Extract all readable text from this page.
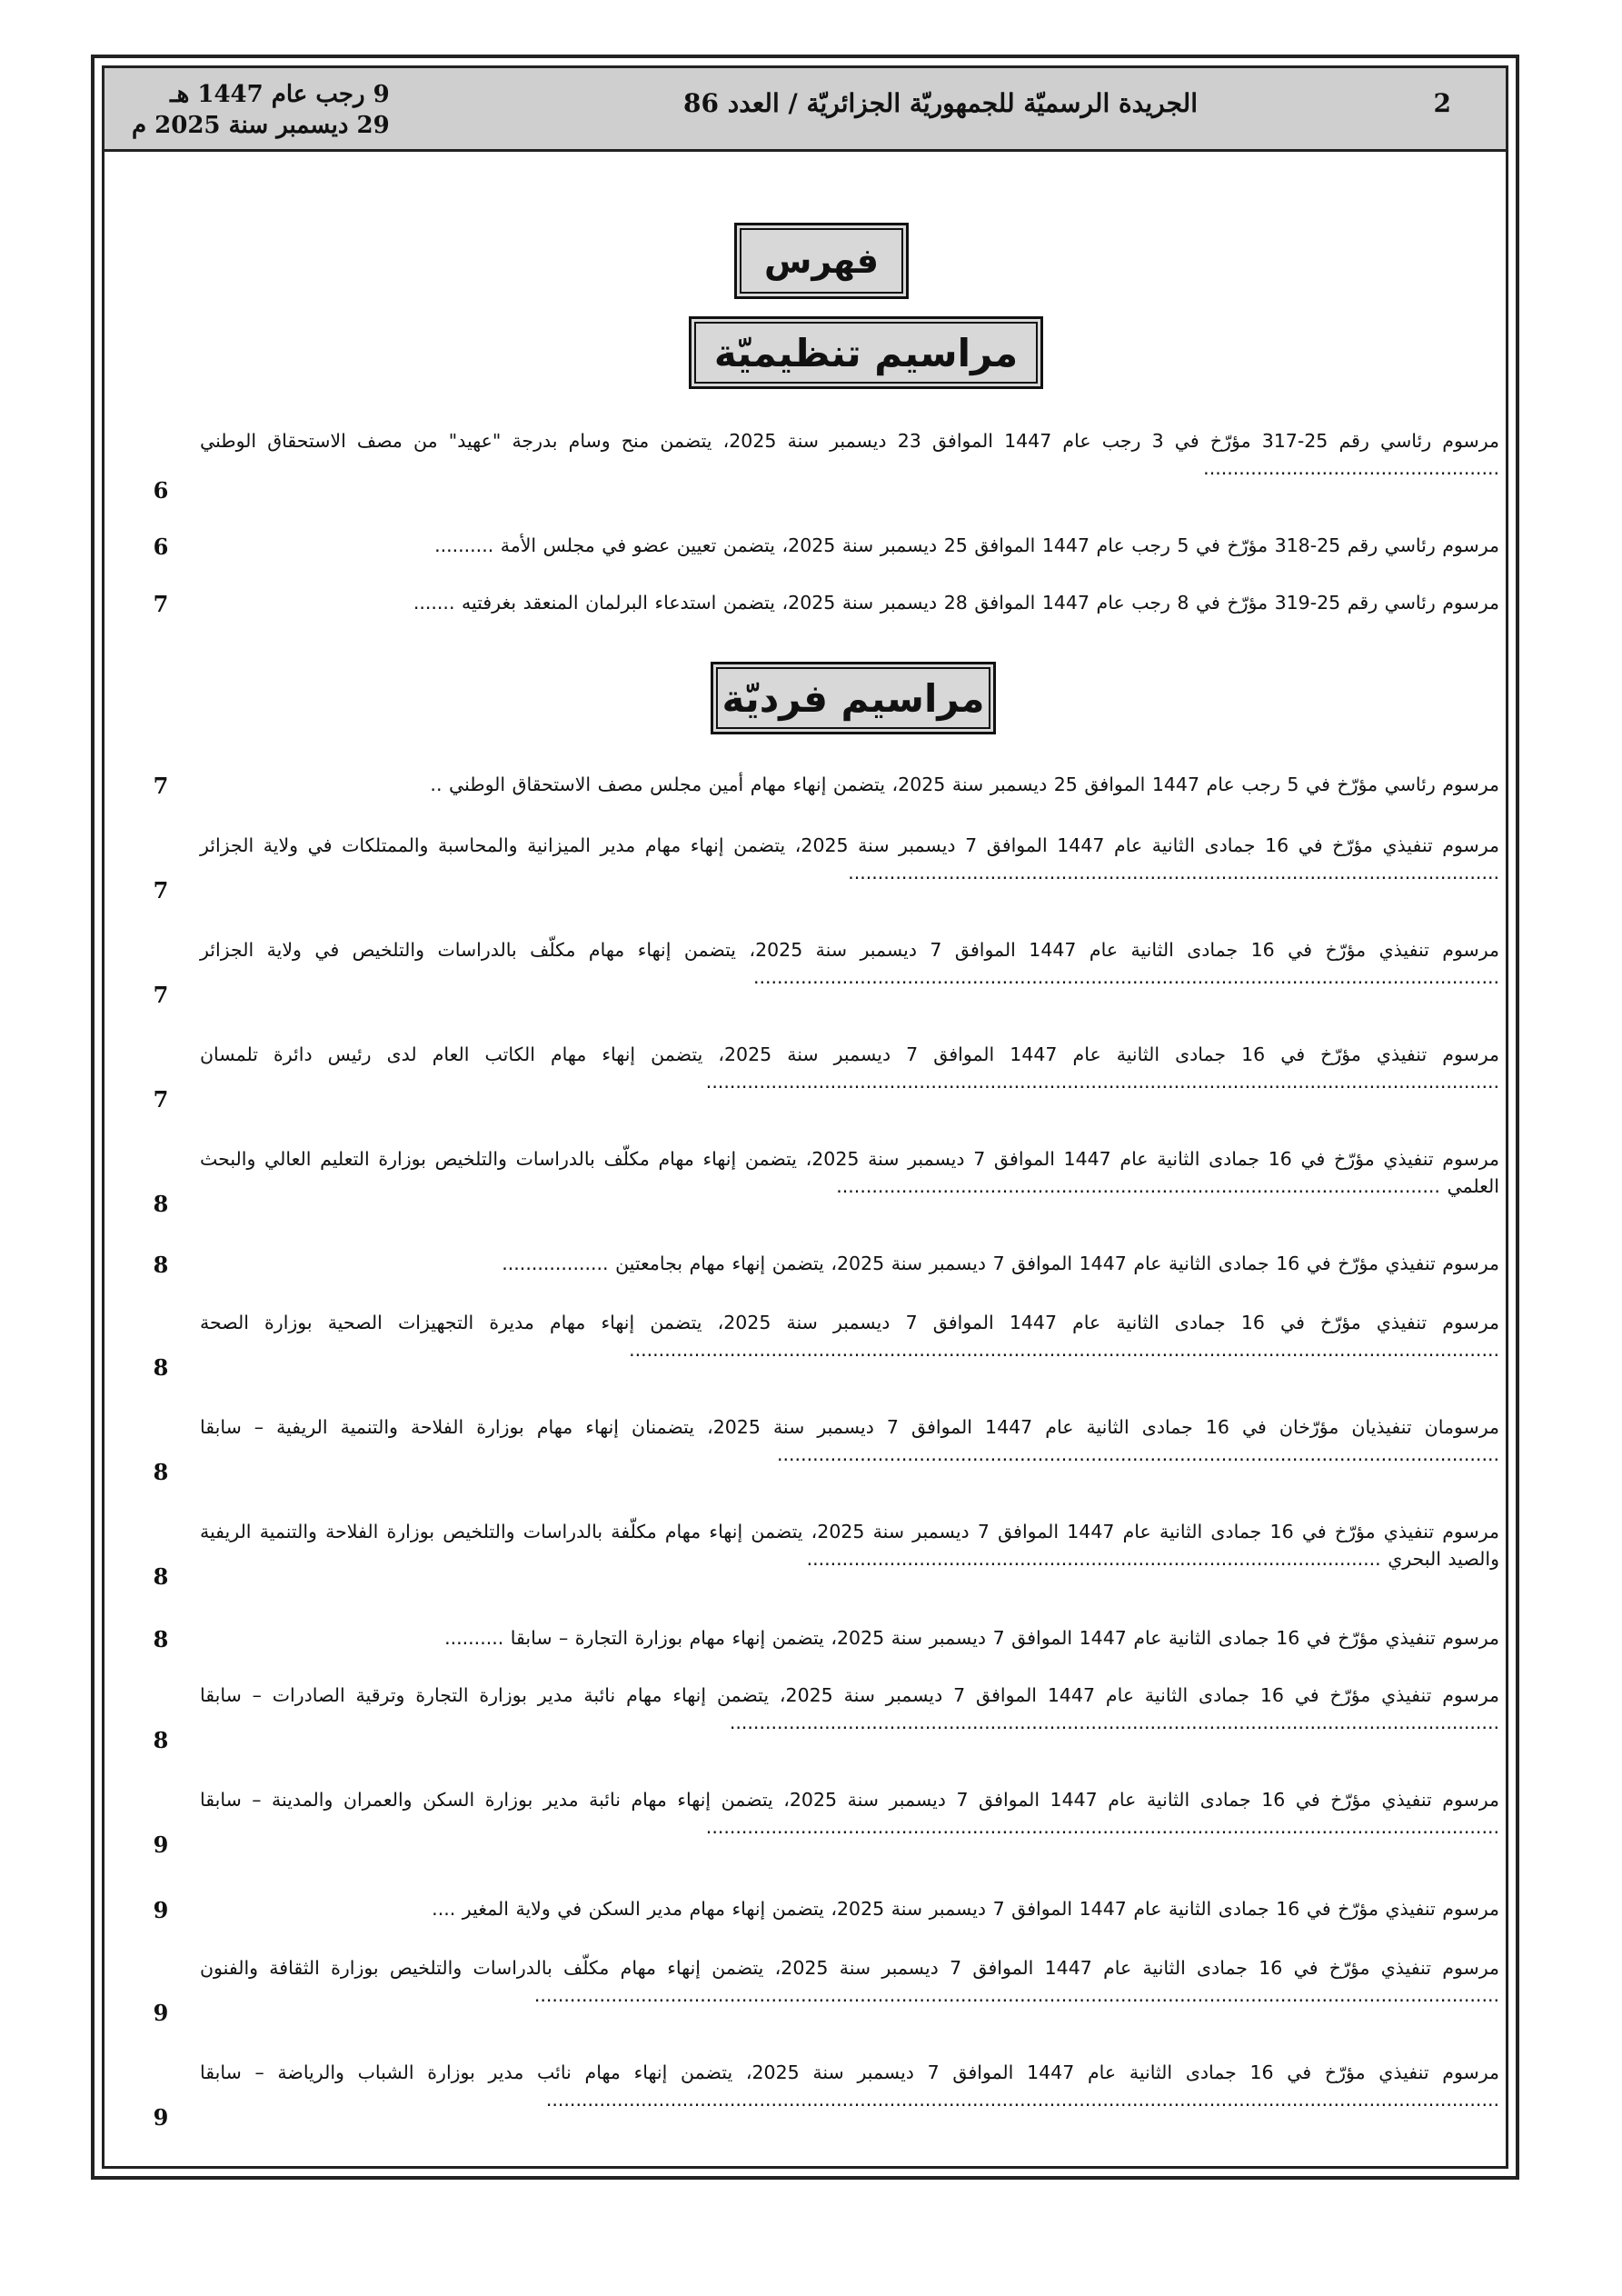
9 رجب عام 1447 هـ
29 ديسمبر سنة 2025 م
الجريدة الرسميّة للجمهوريّة الجزائريّة / العدد 86	2
فهرس
مراسيم تنظيميّة
مرسوم رئاسي رقم 25-317 مؤرّخ في 3 رجب عام 1447 الموافق 23 ديسمبر سنة 2025، يتضمن منح وسام بدرجة "عهيد" من مصف الاستحقاق الوطني ..................................................
6
مرسوم رئاسي رقم 25-318 مؤرّخ في 5 رجب عام 1447 الموافق 25 ديسمبر سنة 2025، يتضمن تعيين عضو في مجلس الأمة ..........
6
مرسوم رئاسي رقم 25-319 مؤرّخ في 8 رجب عام 1447 الموافق 28 ديسمبر سنة 2025، يتضمن استدعاء البرلمان المنعقد بغرفتيه .......
7
مراسيم فرديّة
مرسوم رئاسي مؤرّخ في 5 رجب عام 1447 الموافق 25 ديسمبر سنة 2025، يتضمن إنهاء مهام أمين مجلس مصف الاستحقاق الوطني ..
7
مرسوم تنفيذي مؤرّخ في 16 جمادى الثانية عام 1447 الموافق 7 ديسمبر سنة 2025، يتضمن إنهاء مهام مدير الميزانية والمحاسبة والممتلكات في ولاية الجزائر ..............................................................................................................
7
مرسوم تنفيذي مؤرّخ في 16 جمادى الثانية عام 1447 الموافق 7 ديسمبر سنة 2025، يتضمن إنهاء مهام مكلّف بالدراسات والتلخيص في ولاية الجزائر ..............................................................................................................................
7
مرسوم تنفيذي مؤرّخ في 16 جمادى الثانية عام 1447 الموافق 7 ديسمبر سنة 2025، يتضمن إنهاء مهام الكاتب العام لدى رئيس دائرة تلمسان ......................................................................................................................................
7
مرسوم تنفيذي مؤرّخ في 16 جمادى الثانية عام 1447 الموافق 7 ديسمبر سنة 2025، يتضمن إنهاء مهام مكلّف بالدراسات والتلخيص بوزارة التعليم العالي والبحث العلمي ......................................................................................................
8
مرسوم تنفيذي مؤرّخ في 16 جمادى الثانية عام 1447 الموافق 7 ديسمبر سنة 2025، يتضمن إنهاء مهام بجامعتين ..................
8
مرسوم تنفيذي مؤرّخ في 16 جمادى الثانية عام 1447 الموافق 7 ديسمبر سنة 2025، يتضمن إنهاء مهام مديرة التجهيزات الصحية بوزارة الصحة ...................................................................................................................................................
8
مرسومان تنفيذيان مؤرّخان في 16 جمادى الثانية عام 1447 الموافق 7 ديسمبر سنة 2025، يتضمنان إنهاء مهام بوزارة الفلاحة والتنمية الريفية – سابقا ..........................................................................................................................
8
مرسوم تنفيذي مؤرّخ في 16 جمادى الثانية عام 1447 الموافق 7 ديسمبر سنة 2025، يتضمن إنهاء مهام مكلّفة بالدراسات والتلخيص بوزارة الفلاحة والتنمية الريفية والصيد البحري .................................................................................................
8
مرسوم تنفيذي مؤرّخ في 16 جمادى الثانية عام 1447 الموافق 7 ديسمبر سنة 2025، يتضمن إنهاء مهام بوزارة التجارة – سابقا ..........
8
مرسوم تنفيذي مؤرّخ في 16 جمادى الثانية عام 1447 الموافق 7 ديسمبر سنة 2025، يتضمن إنهاء مهام نائبة مدير بوزارة التجارة وترقية الصادرات – سابقا ..................................................................................................................................
8
مرسوم تنفيذي مؤرّخ في 16 جمادى الثانية عام 1447 الموافق 7 ديسمبر سنة 2025، يتضمن إنهاء مهام نائبة مدير بوزارة السكن والعمران والمدينة – سابقا ......................................................................................................................................
9
مرسوم تنفيذي مؤرّخ في 16 جمادى الثانية عام 1447 الموافق 7 ديسمبر سنة 2025، يتضمن إنهاء مهام مدير السكن في ولاية المغير ....
9
مرسوم تنفيذي مؤرّخ في 16 جمادى الثانية عام 1447 الموافق 7 ديسمبر سنة 2025، يتضمن إنهاء مهام مكلّف بالدراسات والتلخيص بوزارة الثقافة والفنون ...................................................................................................................................................................
9
مرسوم تنفيذي مؤرّخ في 16 جمادى الثانية عام 1447 الموافق 7 ديسمبر سنة 2025، يتضمن إنهاء مهام نائب مدير بوزارة الشباب والرياضة – سابقا .................................................................................................................................................................
9
